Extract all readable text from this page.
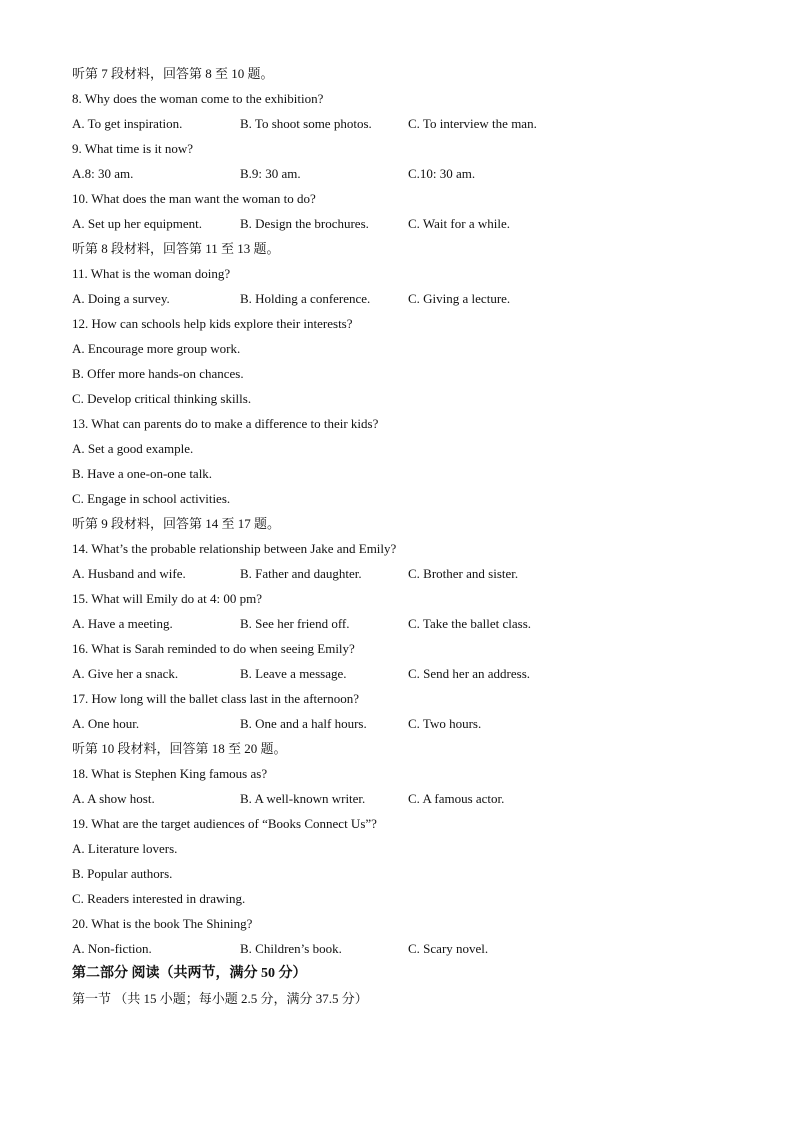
听第 7 段材料，回答第 8 至 10 题。
8. Why does the woman come to the exhibition?
A. To get inspiration.	B. To shoot some photos.	C. To interview the man.
9. What time is it now?
A.8: 30 am.	B.9: 30 am.	C.10: 30 am.
10. What does the man want the woman to do?
A. Set up her equipment.	B. Design the brochures.	C. Wait for a while.
听第 8 段材料，回答第 11 至 13 题。
11. What is the woman doing?
A. Doing a survey.	B. Holding a conference.	C. Giving a lecture.
12. How can schools help kids explore their interests?
A. Encourage more group work.
B. Offer more hands-on chances.
C. Develop critical thinking skills.
13. What can parents do to make a difference to their kids?
A. Set a good example.
B. Have a one-on-one talk.
C. Engage in school activities.
听第 9 段材料，回答第 14 至 17 题。
14. What’s the probable relationship between Jake and Emily?
A. Husband and wife.	B. Father and daughter.	C. Brother and sister.
15. What will Emily do at 4: 00 pm?
A. Have a meeting.	B. See her friend off.	C. Take the ballet class.
16. What is Sarah reminded to do when seeing Emily?
A. Give her a snack.	B. Leave a message.	C. Send her an address.
17. How long will the ballet class last in the afternoon?
A. One hour.	B. One and a half hours.	C. Two hours.
听第 10 段材料，回答第 18 至 20 题。
18. What is Stephen King famous as?
A. A show host.	B. A well-known writer.	C. A famous actor.
19. What are the target audiences of “Books Connect Us”?
A. Literature lovers.
B. Popular authors.
C. Readers interested in drawing.
20. What is the book The Shining?
A. Non-fiction.	B. Children’s book.	C. Scary novel.
第二部分 阅读（共两节，满分 50 分）
第一节 （共 15 小题；每小题 2.5 分，满分 37.5 分）
